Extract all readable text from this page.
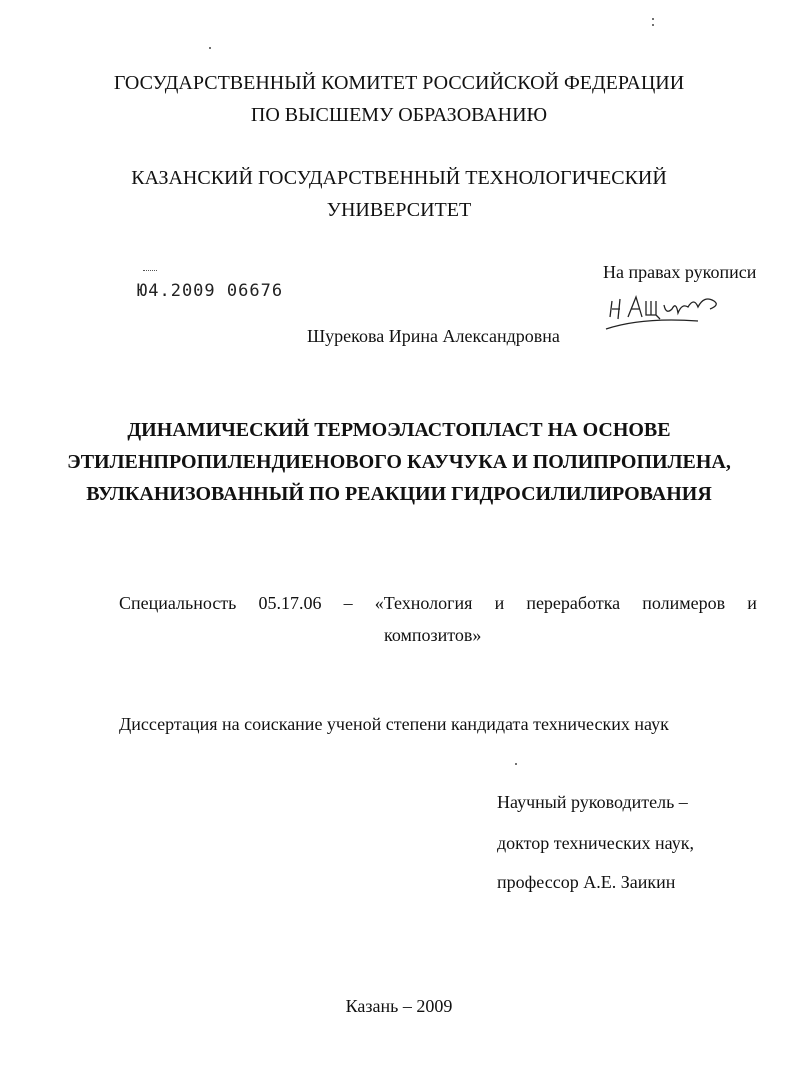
ГОСУДАРСТВЕННЫЙ КОМИТЕТ РОССИЙСКОЙ ФЕДЕРАЦИИ
ПО ВЫСШЕМУ ОБРАЗОВАНИЮ
КАЗАНСКИЙ ГОСУДАРСТВЕННЫЙ ТЕХНОЛОГИЧЕСКИЙ
УНИВЕРСИТЕТ
На правах рукописи
Ю4.2009 06676
Шурекова Ирина Александровна
ДИНАМИЧЕСКИЙ ТЕРМОЭЛАСТОПЛАСТ НА ОСНОВЕ
ЭТИЛЕНПРОПИЛЕНДИЕНОВОГО КАУЧУКА И ПОЛИПРОПИЛЕНА,
ВУЛКАНИЗОВАННЫЙ ПО РЕАКЦИИ ГИДРОСИЛИЛИРОВАНИЯ
Специальность 05.17.06 – «Технология и переработка полимеров и
композитов»
Диссертация на соискание ученой степени кандидата технических наук
Научный руководитель –
доктор технических наук,
профессор А.Е. Заикин
Казань – 2009
